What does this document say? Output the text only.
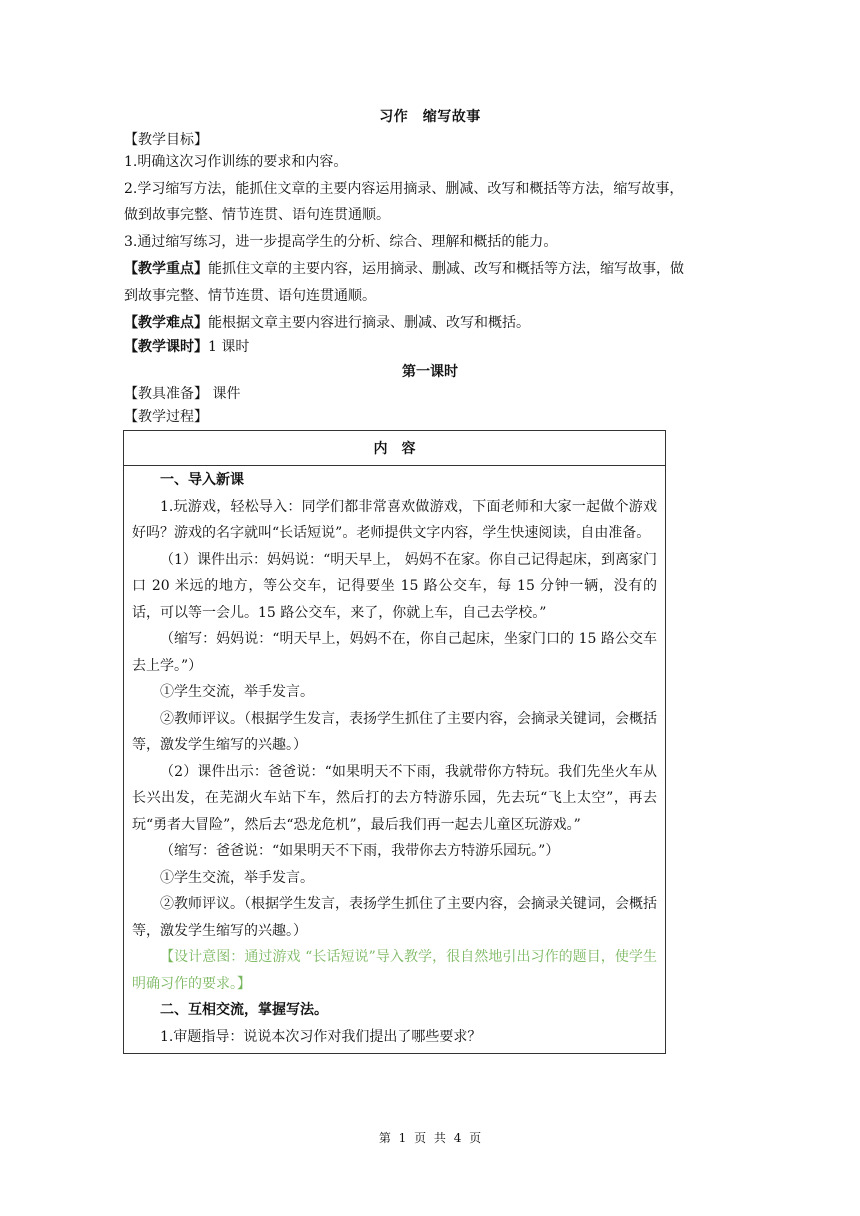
习作　缩写故事
【教学目标】
1.明确这次习作训练的要求和内容。
2.学习缩写方法，能抓住文章的主要内容运用摘录、删减、改写和概括等方法，缩写故事，
做到故事完整、情节连贯、语句连贯通顺。
3.通过缩写练习，进一步提高学生的分析、综合、理解和概括的能力。
【教学重点】能抓住文章的主要内容，运用摘录、删减、改写和概括等方法，缩写故事，做
到故事完整、情节连贯、语句连贯通顺。
【教学难点】能根据文章主要内容进行摘录、删减、改写和概括。
【教学课时】1 课时
第一课时
【教具准备】 课件
【教学过程】
内容

一、导入新课

1.玩游戏，轻松导入：同学们都非常喜欢做游戏，下面老师和大家一起做个游戏好吗？游戏的名字就叫“长话短说”。老师提供文字内容，学生快速阅读，自由准备。

（1）课件出示：妈妈说：“明天早上， 妈妈不在家。你自己记得起床，到离家门口 20 米远的地方，等公交车，记得要坐 15 路公交车，每 15 分钟一辆，没有的话，可以等一会儿。15 路公交车，来了，你就上车，自己去学校。”

（缩写：妈妈说：“明天早上，妈妈不在，你自己起床，坐家门口的 15 路公交车去上学。”）

①学生交流，举手发言。

②教师评议。（根据学生发言，表扬学生抓住了主要内容，会摘录关键词，会概括等，激发学生缩写的兴趣。）

（2）课件出示：爸爸说：“如果明天不下雨，我就带你方特玩。我们先坐火车从长兴出发，在芜湖火车站下车，然后打的去方特游乐园，先去玩“飞上太空”，再去玩“勇者大冒险”，然后去“恐龙危机”，最后我们再一起去儿童区玩游戏。”

（缩写：爸爸说：“如果明天不下雨，我带你去方特游乐园玩。”）

①学生交流，举手发言。

②教师评议。（根据学生发言，表扬学生抓住了主要内容，会摘录关键词，会概括等，激发学生缩写的兴趣。）

【设计意图：通过游戏 “长话短说”导入教学，很自然地引出习作的题目，使学生明确习作的要求。】

二、互相交流，掌握写法。

1.审题指导：说说本次习作对我们提出了哪些要求？

第 1 页 共 4 页
